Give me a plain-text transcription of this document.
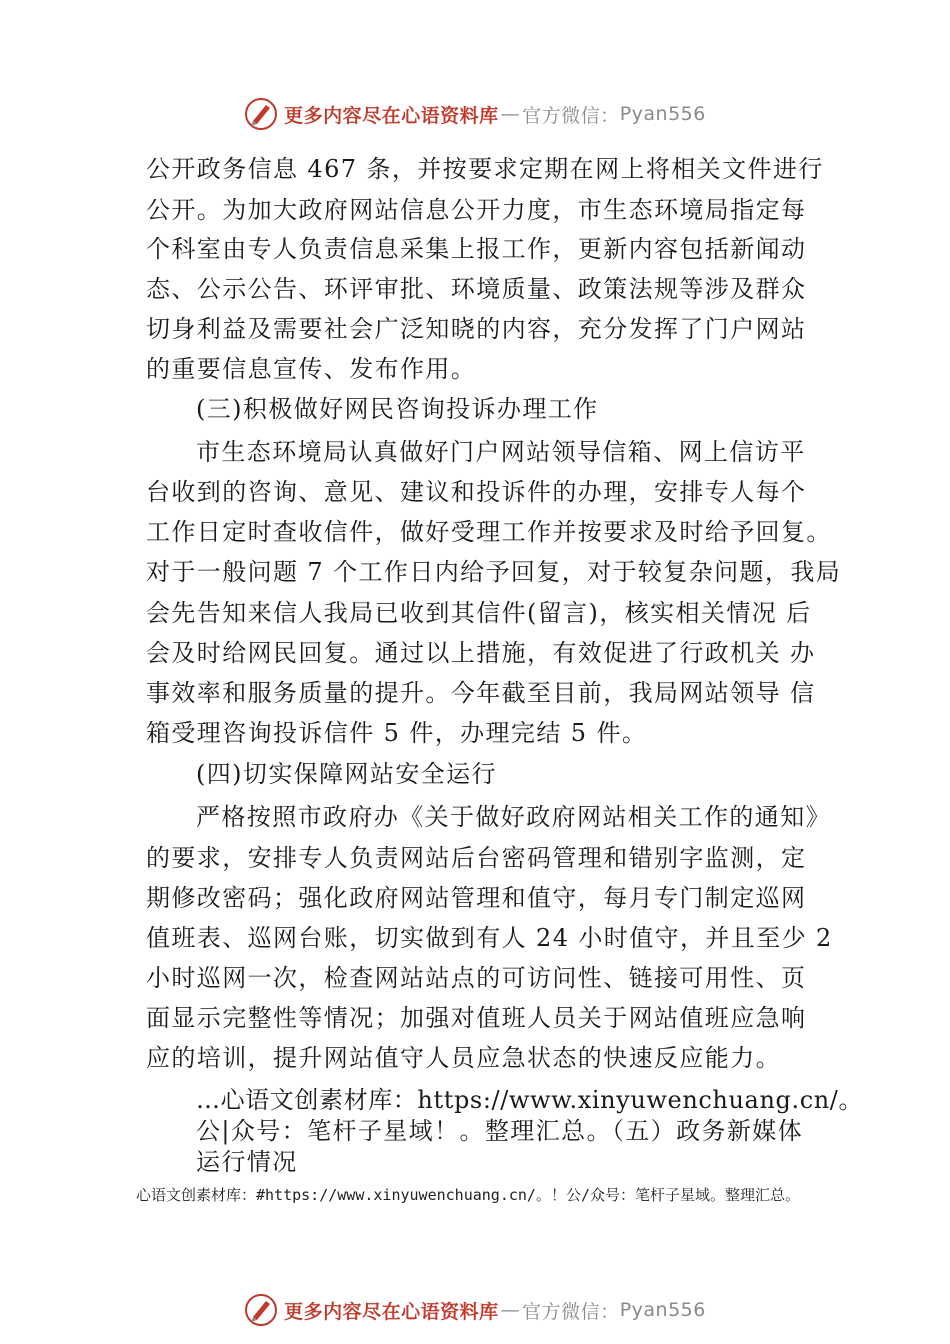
更多内容尽在心语资料库 — 官方微信： Pyan556
公开政务信息 467 条，并按要求定期在网上将相关文件进行
公开。为加大政府网站信息公开力度，市生态环境局指定每
个科室由专人负责信息采集上报工作，更新内容包括新闻动
态、公示公告、环评审批、环境质量、政策法规等涉及群众
切身利益及需要社会广泛知晓的内容，充分发挥了门户网站
的重要信息宣传、发布作用。
(三)积极做好网民咨询投诉办理工作
市生态环境局认真做好门户网站领导信箱、网上信访平
台收到的咨询、意见、建议和投诉件的办理，安排专人每个
工作日定时查收信件，做好受理工作并按要求及时给予回复。
对于一般问题 7 个工作日内给予回复，对于较复杂问题，我局
会先告知来信人我局已收到其信件(留言)，核实相关情况 后
会及时给网民回复。通过以上措施，有效促进了行政机关 办
事效率和服务质量的提升。今年截至目前，我局网站领导 信
箱受理咨询投诉信件 5 件，办理完结 5 件。
(四)切实保障网站安全运行
严格按照市政府办《关于做好政府网站相关工作的通知》
的要求，安排专人负责网站后台密码管理和错别字监测，定
期修改密码；强化政府网站管理和值守，每月专门制定巡网
值班表、巡网台账，切实做到有人 24 小时值守，并且至少 2
小时巡网一次，检查网站站点的可访问性、链接可用性、页
面显示完整性等情况；加强对值班人员关于网站值班应急响
应的培训，提升网站值守人员应急状态的快速反应能力。
…心语文创素材库：https://www.xinyuwenchuang.cn/。
公|众号：笔杆子星域！。整理汇总。（五）政务新媒体
运行情况
心语文创素材库：#https://www.xinyuwenchuang.cn/。！公/众号：笔杆子星域。整理汇总。
更多内容尽在心语资料库 — 官方微信： Pyan556
